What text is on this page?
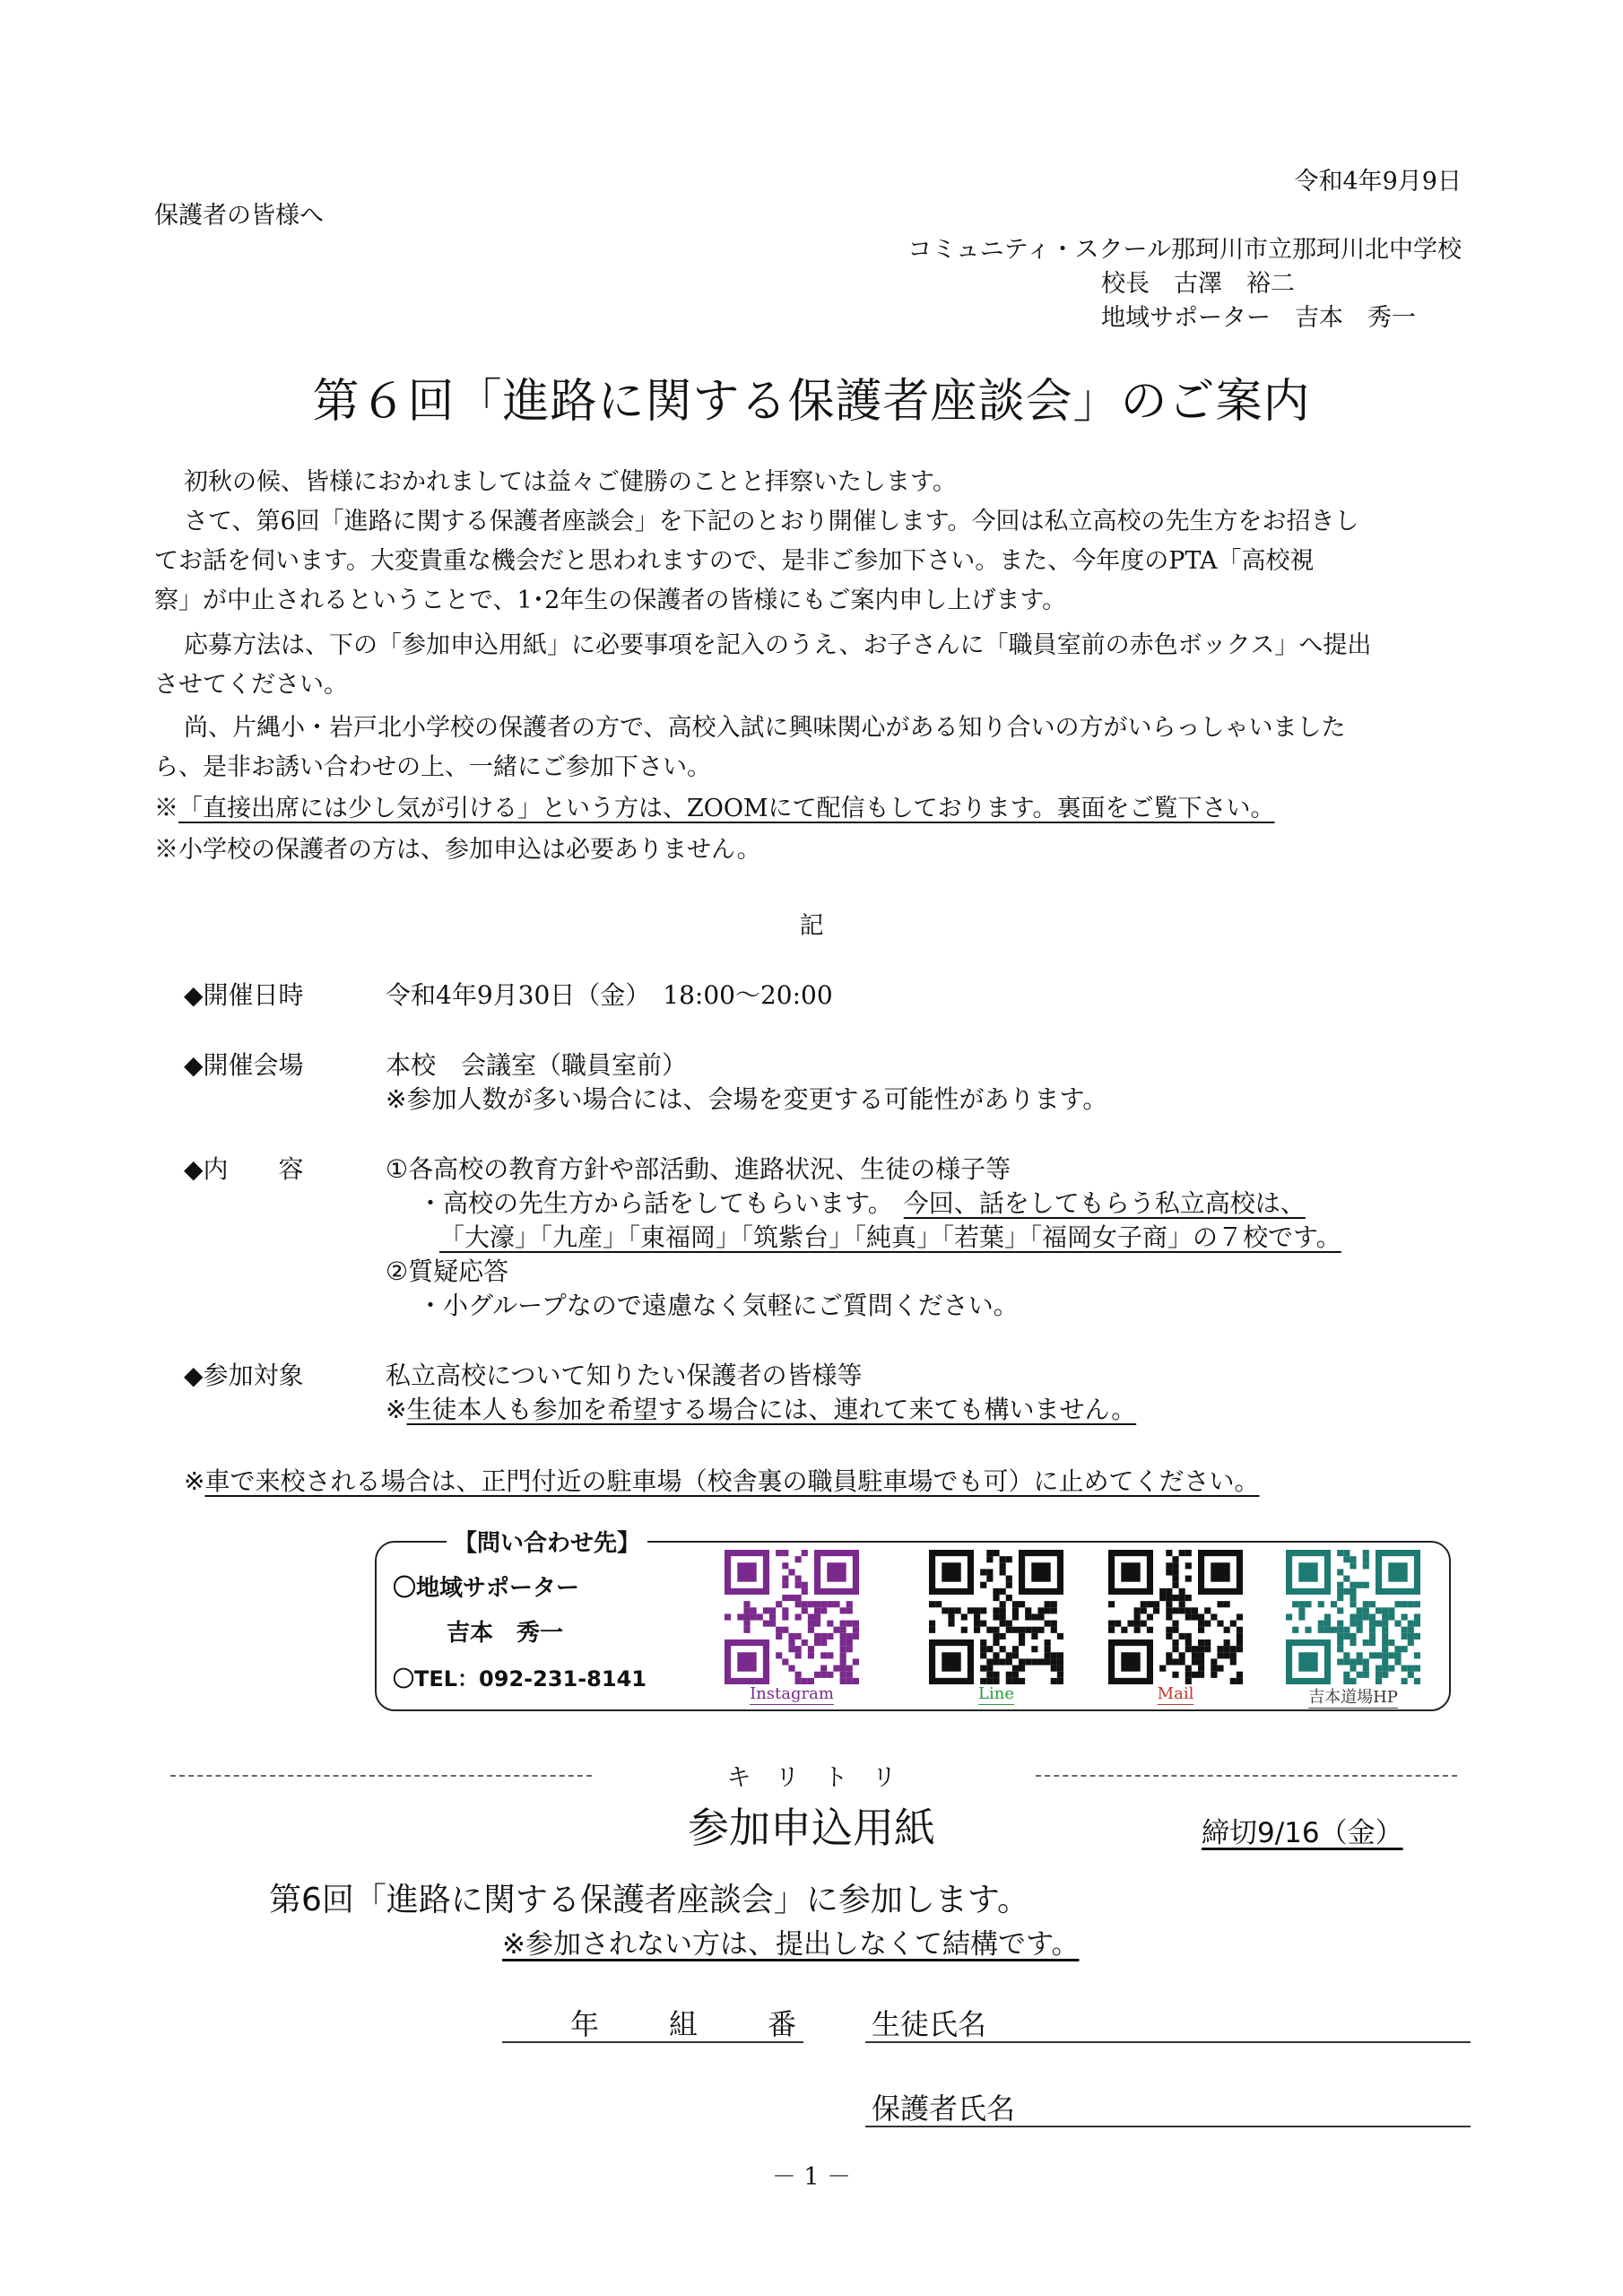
令和4年9月9日
保護者の皆様へ
コミュニティ・スクール那珂川市立那珂川北中学校
校長　古澤　裕二
地域サポーター　吉本　秀一
第６回「進路に関する保護者座談会」のご案内
初秋の候、皆様におかれましては益々ご健勝のことと拝察いたします。
さて、第6回「進路に関する保護者座談会」を下記のとおり開催します。今回は私立高校の先生方をお招きし
てお話を伺います。大変貴重な機会だと思われますので、是非ご参加下さい。また、今年度のPTA「高校視
察」が中止されるということで、1･2年生の保護者の皆様にもご案内申し上げます。
応募方法は、下の「参加申込用紙」に必要事項を記入のうえ、お子さんに「職員室前の赤色ボックス」へ提出
させてください。
尚、片縄小・岩戸北小学校の保護者の方で、高校入試に興味関心がある知り合いの方がいらっしゃいました
ら、是非お誘い合わせの上、一緒にご参加下さい。
※「直接出席には少し気が引ける」という方は、ZOOMにて配信もしております。裏面をご覧下さい。
※小学校の保護者の方は、参加申込は必要ありません。
記
◆開催日時	令和4年9月30日（金）　18:00～20:00
◆開催会場	本校　会議室（職員室前）
※参加人数が多い場合には、会場を変更する可能性があります。
◆内　　容	①各高校の教育方針や部活動、進路状況、生徒の様子等
・高校の先生方から話をしてもらいます。 今回、話をしてもらう私立高校は、
「大濠」「九産」「東福岡」「筑紫台」「純真」「若葉」「福岡女子商」の７校です。
②質疑応答
・小グループなので遠慮なく気軽にご質問ください。
◆参加対象	私立高校について知りたい保護者の皆様等
※生徒本人も参加を希望する場合には、連れて来ても構いません。
※車で来校される場合は、正門付近の駐車場（校舎裏の職員駐車場でも可）に止めてください。
【問い合わせ先】
〇地域サポーター
吉本　秀一
〇TEL：092-231-8141
Instagram	Line	Mail	吉本道場HP
キ　リ　ト　リ
参加申込用紙	締切9/16（金）
第6回「進路に関する保護者座談会」に参加します。
※参加されない方は、提出しなくて結構です。
年 組 番	生徒氏名
保護者氏名
－ 1 －
